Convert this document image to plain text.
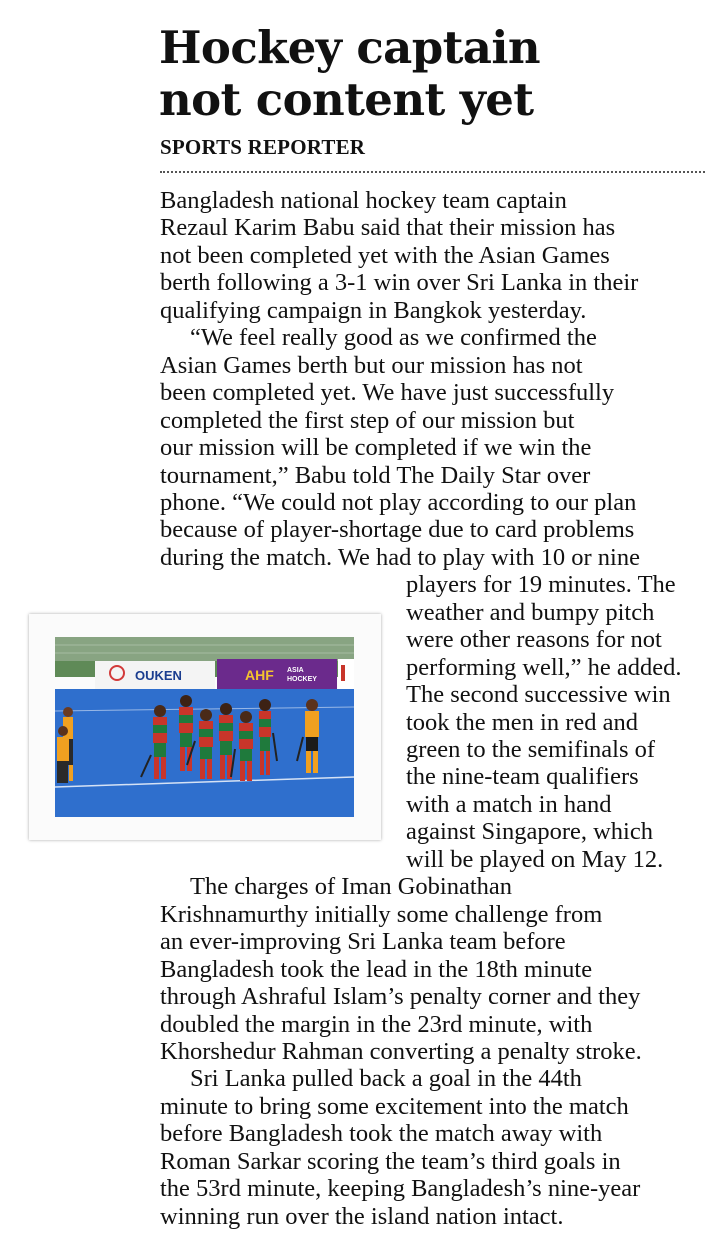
Hockey captain
not content yet
SPORTS REPORTER
Bangladesh national hockey team captain
Rezaul Karim Babu said that their mission has
not been completed yet with the Asian Games
berth following a 3-1 win over Sri Lanka in their
qualifying campaign in Bangkok yesterday.
“We feel really good as we confirmed the
Asian Games berth but our mission has not
been completed yet. We have just successfully
completed the first step of our mission but
our mission will be completed if we win the
tournament,” Babu told The Daily Star over
phone. “We could not play according to our plan
because of player-shortage due to card problems
during the match. We had to play with 10 or nine
players for 19 minutes. The
weather and bumpy pitch
were other reasons for not
performing well,” he added.
The second successive win
took the men in red and
green to the semifinals of
the nine-team qualifiers
with a match in hand
against Singapore, which
will be played on May 12.
The charges of Iman Gobinathan
Krishnamurthy initially some challenge from
an ever-improving Sri Lanka team before
Bangladesh took the lead in the 18th minute
through Ashraful Islam’s penalty corner and they
doubled the margin in the 23rd minute, with
Khorshedur Rahman converting a penalty stroke.
Sri Lanka pulled back a goal in the 44th
minute to bring some excitement into the match
before Bangladesh took the match away with
Roman Sarkar scoring the team’s third goals in
the 53rd minute, keeping Bangladesh’s nine-year
winning run over the island nation intact.
OUKEN	AHF ASIA
HOCKEY
